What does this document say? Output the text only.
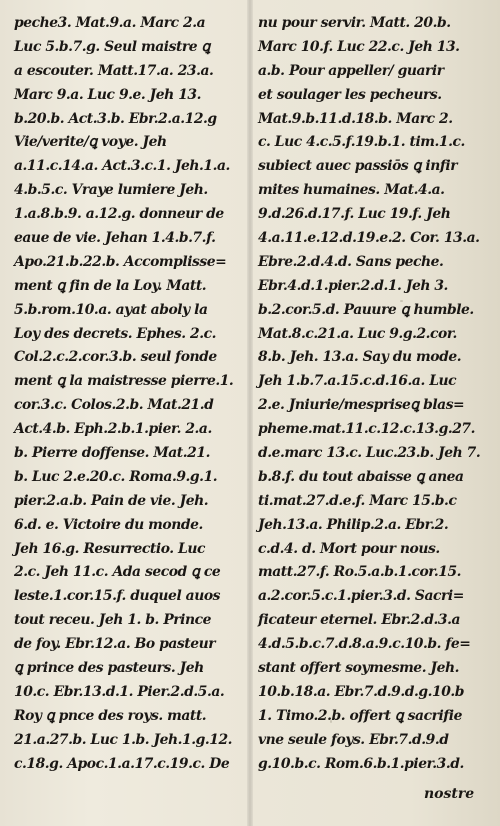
peche3. Mat.9.a. Marc 2.a
Luc 5.b.7.g. Seul maistre ꝗ
a escouter. Matt.17.a. 23.a.
Marc 9.a. Luc 9.e. Jeh 13.
b.20.b. Act.3.b. Ebr.2.a.12.g
Vie/verite/ꝗ voye. Jeh
a.11.c.14.a. Act.3.c.1. Jeh.1.a.
4.b.5.c. Vraye lumiere Jeh.
1.a.8.b.9. a.12.g. donneur de
eaue de vie. Jehan 1.4.b.7.f.
Apo.21.b.22.b. Accomplisse=
ment ꝗ fin de la Loy. Matt.
5.b.rom.10.a. ayat aboly la
Loy des decrets. Ephes. 2.c.
Col.2.c.2.cor.3.b. seul fonde
ment ꝗ la maistresse pierre.1.
cor.3.c. Colos.2.b. Mat.21.d
Act.4.b. Eph.2.b.1.pier. 2.a.
b. Pierre doffense. Mat.21.
b. Luc 2.e.20.c. Roma.9.g.1.
pier.2.a.b. Pain de vie. Jeh.
6.d. e. Victoire du monde.
Jeh 16.g. Resurrectio. Luc
2.c. Jeh 11.c. Ada secod ꝗ ce
leste.1.cor.15.f. duquel auos
tout receu. Jeh 1. b. Prince
de foy. Ebr.12.a. Bo pasteur
ꝗ prince des pasteurs. Jeh
10.c. Ebr.13.d.1. Pier.2.d.5.a.
Roy ꝗ pnce des roys. matt.
21.a.27.b. Luc 1.b. Jeh.1.g.12.
c.18.g. Apoc.1.a.17.c.19.c. De
nu pour servir. Matt. 20.b.
Marc 10.f. Luc 22.c. Jeh 13.
a.b. Pour appeller/ guarir
et soulager les pecheurs.
Mat.9.b.11.d.18.b. Marc 2.
c. Luc 4.c.5.f.19.b.1. tim.1.c.
subiect auec passiōs ꝗ infir
mites humaines. Mat.4.a.
9.d.26.d.17.f. Luc 19.f. Jeh
4.a.11.e.12.d.19.e.2. Cor. 13.a.
Ebre.2.d.4.d. Sans peche.
Ebr.4.d.1.pier.2.d.1. Jeh 3.
b.2.cor.5.d. Pauure ꝗ humble.
Mat.8.c.21.a. Luc 9.g.2.cor.
8.b. Jeh. 13.a. Say du mode.
Jeh 1.b.7.a.15.c.d.16.a. Luc
2.e. Jniurie/mespriseꝗ blas=
pheme.mat.11.c.12.c.13.g.27.
d.e.marc 13.c. Luc.23.b. Jeh 7.
b.8.f. du tout abaisse ꝗ anea
ti.mat.27.d.e.f. Marc 15.b.c
Jeh.13.a. Philip.2.a. Ebr.2.
c.d.4. d. Mort pour nous.
matt.27.f. Ro.5.a.b.1.cor.15.
a.2.cor.5.c.1.pier.3.d. Sacri=
ficateur eternel. Ebr.2.d.3.a
4.d.5.b.c.7.d.8.a.9.c.10.b. fe=
stant offert soymesme. Jeh.
10.b.18.a. Ebr.7.d.9.d.g.10.b
1. Timo.2.b. offert ꝗ sacrifie
vne seule foys. Ebr.7.d.9.d
g.10.b.c. Rom.6.b.1.pier.3.d.
nostre
